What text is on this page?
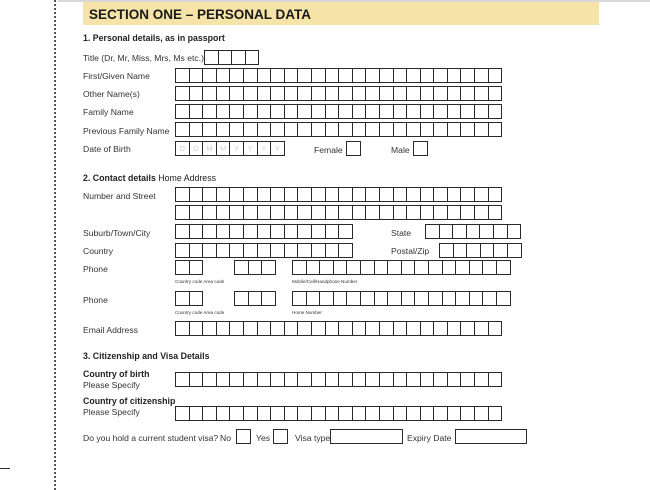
SECTION ONE – PERSONAL DATA
1. Personal details, as in passport
Title (Dr, Mr, Miss, Mrs, Ms etc.)
First/Given Name
Other Name(s)
Family Name
Previous Family Name
Date of Birth	D	D	M M	Y	Y	Y	Y	Female	Male
2. Contact details Home Address
Number and Street
Suburb/Town/City	State
Country	Postal/Zip
Phone
Country code Area code	Mobile/Cell/Handphone Number
Phone
Country code Area code	Home Number
Email Address
3. Citizenship and Visa Details
Country of birth
Please Specify
Country of citizenship
Please Specify
Do you hold a current student visa? No	Yes	Visa type	Expiry Date
